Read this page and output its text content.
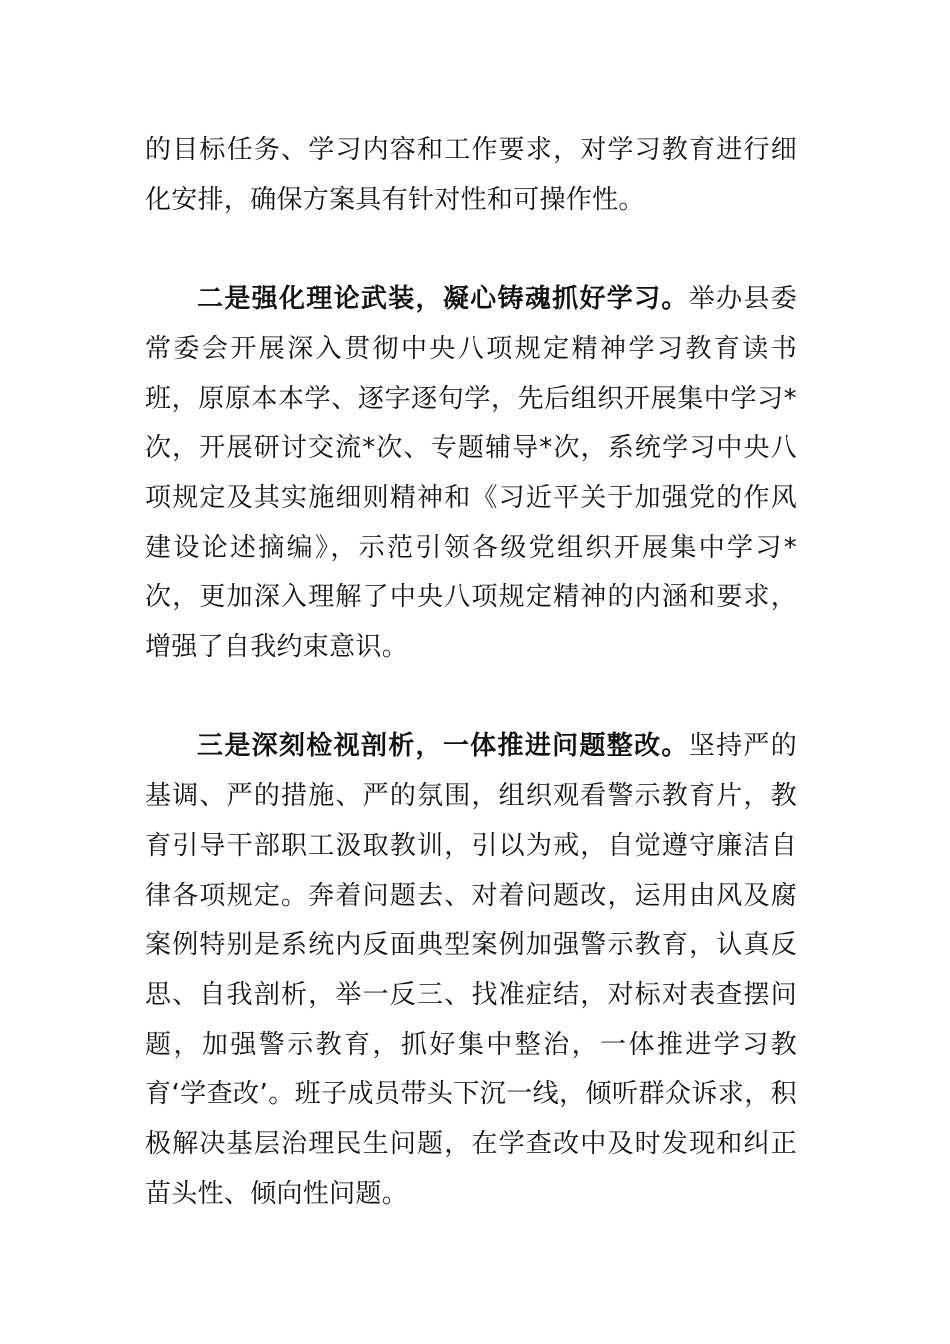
的目标任务、学习内容和工作要求，对学习教育进行细化安排，确保方案具有针对性和可操作性。

二是强化理论武装，凝心铸魂抓好学习。举办县委常委会开展深入贯彻中央八项规定精神学习教育读书班，原原本本学、逐字逐句学，先后组织开展集中学习*次，开展研讨交流*次、专题辅导*次，系统学习中央八项规定及其实施细则精神和《习近平关于加强党的作风建设论述摘编》，示范引领各级党组织开展集中学习*次，更加深入理解了中央八项规定精神的内涵和要求，增强了自我约束意识。

三是深刻检视剖析，一体推进问题整改。坚持严的基调、严的措施、严的氛围，组织观看警示教育片，教育引导干部职工汲取教训，引以为戒，自觉遵守廉洁自律各项规定。奔着问题去、对着问题改，运用由风及腐案例特别是系统内反面典型案例加强警示教育，认真反思、自我剖析，举一反三、找准症结，对标对表查摆问题，加强警示教育，抓好集中整治，一体推进学习教育‘学查改’。班子成员带头下沉一线，倾听群众诉求，积极解决基层治理民生问题，在学查改中及时发现和纠正苗头性、倾向性问题。
